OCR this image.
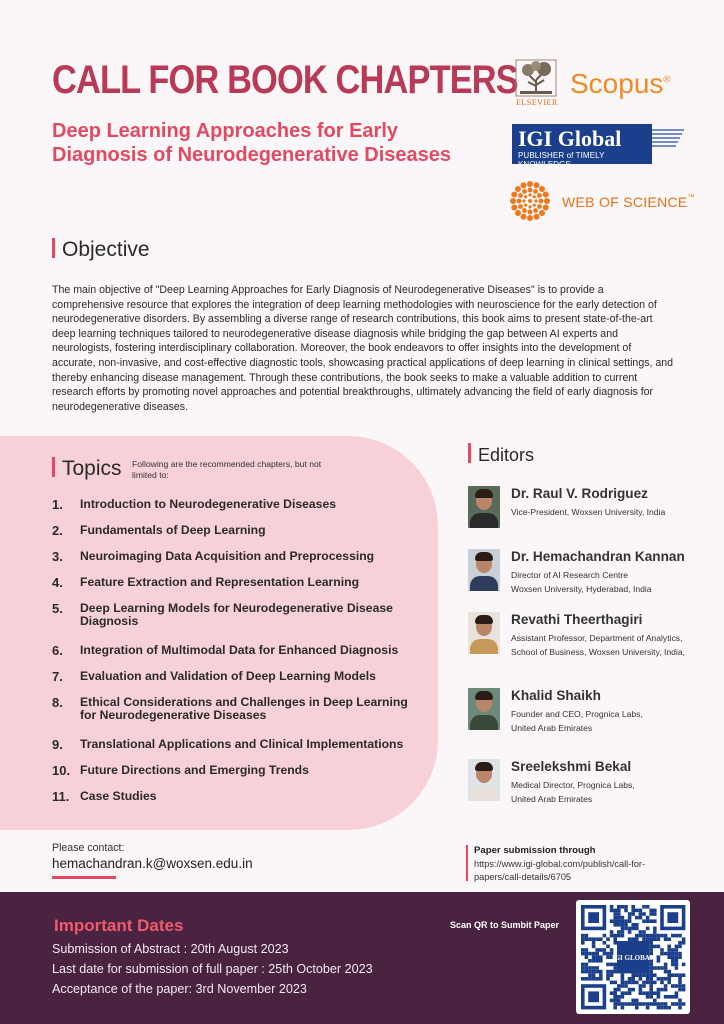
CALL FOR BOOK CHAPTERS
Deep Learning Approaches for Early Diagnosis of Neurodegenerative Diseases
ELSEVIER
Scopus®
IGI Global
PUBLISHER of TIMELY KNOWLEDGE
WEB OF SCIENCE™
Objective
The main objective of "Deep Learning Approaches for Early Diagnosis of Neurodegenerative Diseases" is to provide a comprehensive resource that explores the integration of deep learning methodologies with neuroscience for the early detection of neurodegenerative disorders. By assembling a diverse range of research contributions, this book aims to present state-of-the-art deep learning techniques tailored to neurodegenerative disease diagnosis while bridging the gap between AI experts and neurologists, fostering interdisciplinary collaboration. Moreover, the book endeavors to offer insights into the development of accurate, non-invasive, and cost-effective diagnostic tools, showcasing practical applications of deep learning in clinical settings, and thereby enhancing disease management. Through these contributions, the book seeks to make a valuable addition to current research efforts by promoting novel approaches and potential breakthroughs, ultimately advancing the field of early diagnosis for neurodegenerative diseases.
Topics Following are the recommended chapters, but not limited to:
1. Introduction to Neurodegenerative Diseases
2. Fundamentals of Deep Learning
3. Neuroimaging Data Acquisition and Preprocessing
4. Feature Extraction and Representation Learning
5. Deep Learning Models for Neurodegenerative Disease Diagnosis
6. Integration of Multimodal Data for Enhanced Diagnosis
7. Evaluation and Validation of Deep Learning Models
8. Ethical Considerations and Challenges in Deep Learning for Neurodegenerative Diseases
9. Translational Applications and Clinical Implementations
10. Future Directions and Emerging Trends
11. Case Studies
Editors
Dr. Raul V. Rodriguez
Vice-President, Woxsen University, India
Dr. Hemachandran Kannan
Director of AI Research Centre
Woxsen University, Hyderabad, India
Revathi Theerthagiri
Assistant Professor, Department of Analytics,
School of Business, Woxsen University, India,
Khalid Shaikh
Founder and CEO, Prognica Labs,
United Arab Emirates
Sreelekshmi Bekal
Medical Director, Prognica Labs,
United Arab Emirates
Please contact:
hemachandran.k@woxsen.edu.in
Paper submission through
https://www.igi-global.com/publish/call-for-papers/call-details/6705
Important Dates
Submission of Abstract : 20th August 2023
Last date for submission of full paper : 25th October 2023
Acceptance of the paper: 3rd November 2023
Scan QR to Sumbit Paper
IGI GLOBAL
